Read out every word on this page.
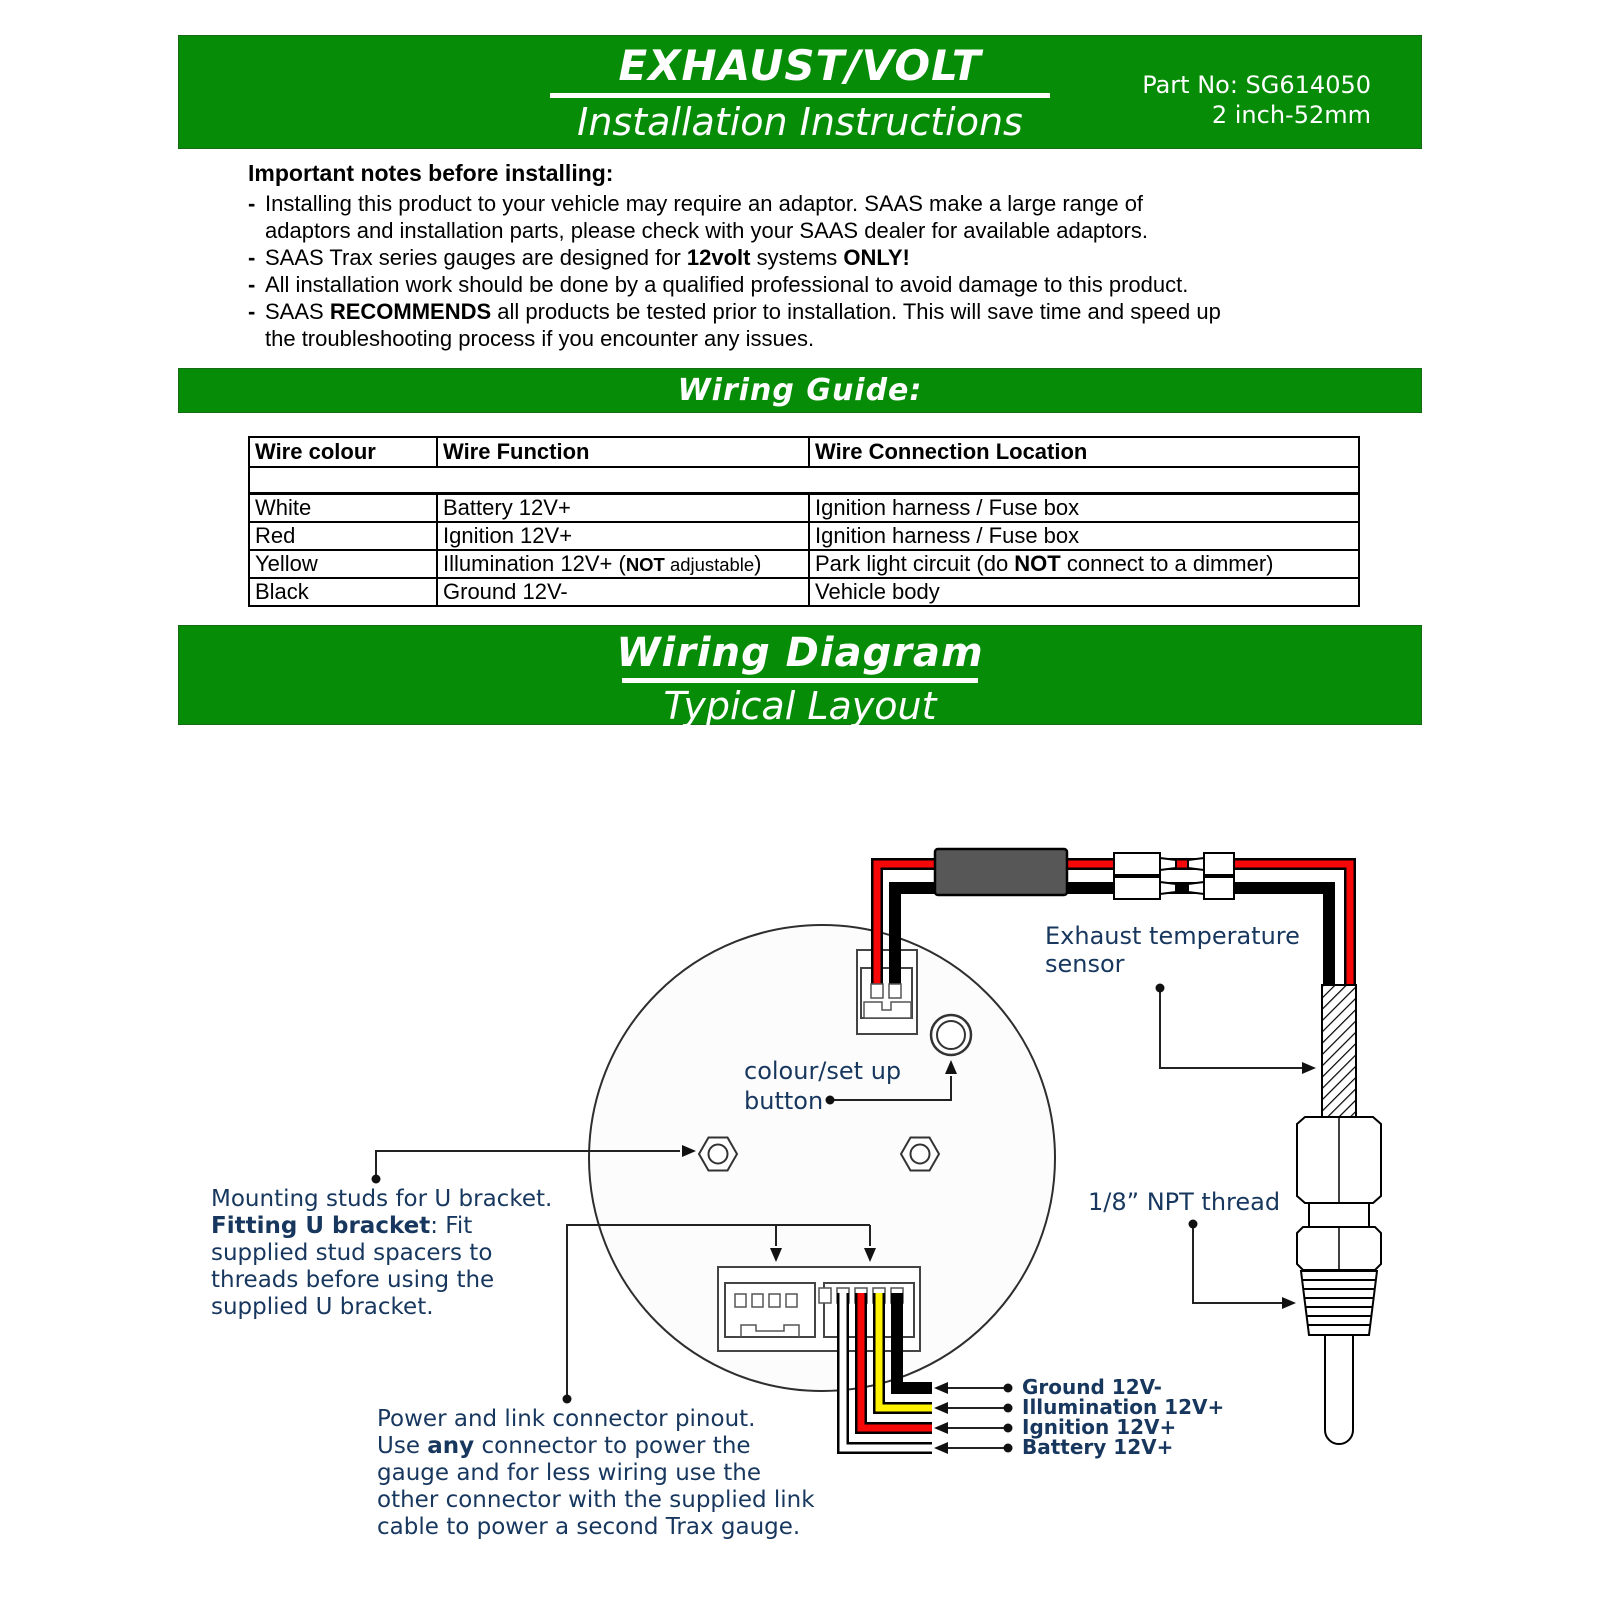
EXHAUST/VOLT
Installation Instructions
Part No: SG614050
2 inch-52mm
Important notes before installing:
- Installing this product to your vehicle may require an adaptor. SAAS make a large range of
adaptors and installation parts, please check with your SAAS dealer for available adaptors.
- SAAS Trax series gauges are designed for 12volt systems ONLY!
- All installation work should be done by a qualified professional to avoid damage to this product.
- SAAS RECOMMENDS all products be tested prior to installation. This will save time and speed up
the troubleshooting process if you encounter any issues.
Wiring Guide:
Wire colour	Wire Function	Wire Connection Location

White	Battery 12V+	Ignition harness / Fuse box
Red	Ignition 12V+	Ignition harness / Fuse box
Yellow	Illumination 12V+ (NOT adjustable)	Park light circuit (do NOT connect to a dimmer)
Black	Ground 12V-	Vehicle body
Wiring Diagram
Typical Layout
Exhaust temperature
sensor
1/8” NPT thread
colour/set up
button
Mounting studs for U bracket.
Fitting U bracket: Fit
supplied stud spacers to
threads before using the
supplied U bracket.
Power and link connector pinout.
Use any connector to power the
gauge and for less wiring use the
other connector with the supplied link
cable to power a second Trax gauge.
Ground 12V-
Illumination 12V+
Ignition 12V+
Battery 12V+
